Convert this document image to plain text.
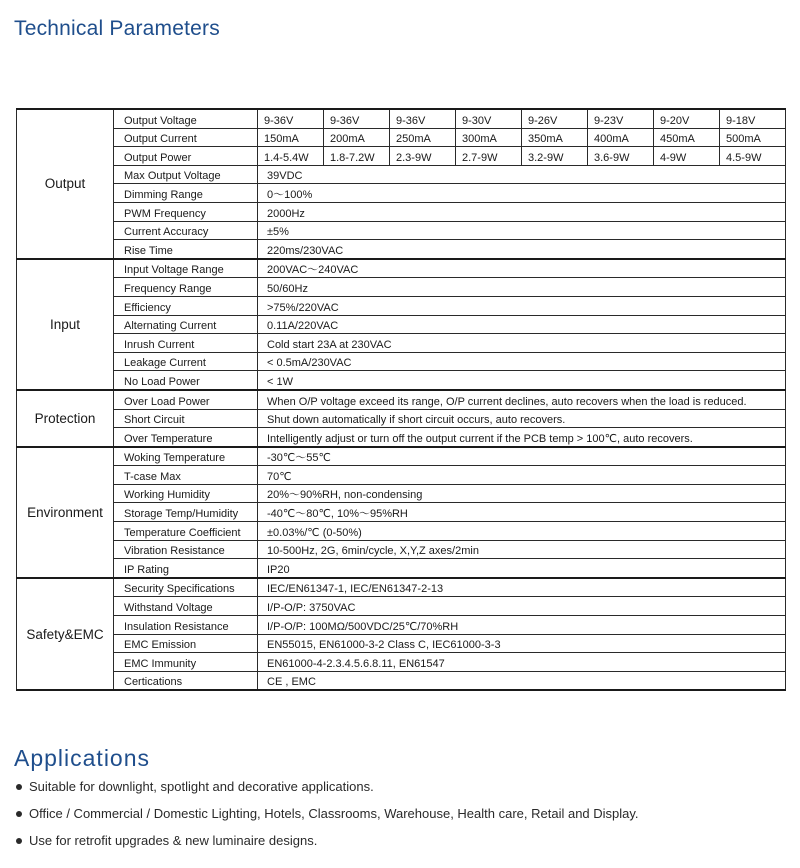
Technical Parameters
Output	Output Voltage	9-36V	9-36V	9-36V	9-30V	9-26V	9-23V	9-20V	9-18V
	Output Current	150mA	200mA	250mA	300mA	350mA	400mA	450mA	500mA
	Output Power	1.4-5.4W	1.8-7.2W	2.3-9W	2.7-9W	3.2-9W	3.6-9W	4-9W	4.5-9W
	Max Output Voltage	39VDC							
	Dimming Range	0～100%							
	PWM Frequency	2000Hz							
	Current Accuracy	±5%							
	Rise Time	220ms/230VAC							
Input	Input Voltage Range	200VAC～240VAC							
	Frequency Range	50/60Hz							
	Efficiency	>75%/220VAC							
	Alternating Current	0.11A/220VAC							
	Inrush Current	Cold start 23A at 230VAC							
	Leakage Current	< 0.5mA/230VAC							
	No Load Power	< 1W							
Protection	Over Load Power	When O/P voltage exceed its range, O/P current declines, auto recovers when the load is reduced.							
	Short Circuit	Shut down automatically if short circuit occurs, auto recovers.							
	Over Temperature	Intelligently adjust or turn off the output current if the PCB temp > 100℃, auto recovers.							
Environment	Woking Temperature	-30℃～55℃							
	T-case Max	70℃							
	Working Humidity	20%～90%RH, non-condensing							
	Storage Temp/Humidity	-40℃～80℃, 10%～95%RH							
	Temperature Coefficient	±0.03%/℃ (0-50%)							
	Vibration Resistance	10-500Hz, 2G, 6min/cycle, X,Y,Z axes/2min							
	IP Rating	IP20							
Safety&EMC	Security Specifications	IEC/EN61347-1, IEC/EN61347-2-13							
	Withstand Voltage	I/P-O/P: 3750VAC							
	Insulation Resistance	I/P-O/P: 100MΩ/500VDC/25℃/70%RH							
	EMC Emission	EN55015, EN61000-3-2 Class C, IEC61000-3-3							
	EMC Immunity	EN61000-4-2.3.4.5.6.8.11, EN61547							
	Certications	CE , EMC							
Applications
Suitable for downlight, spotlight and decorative applications.
Office / Commercial / Domestic Lighting, Hotels, Classrooms, Warehouse, Health care, Retail and Display.
Use for retrofit upgrades & new luminaire designs.
